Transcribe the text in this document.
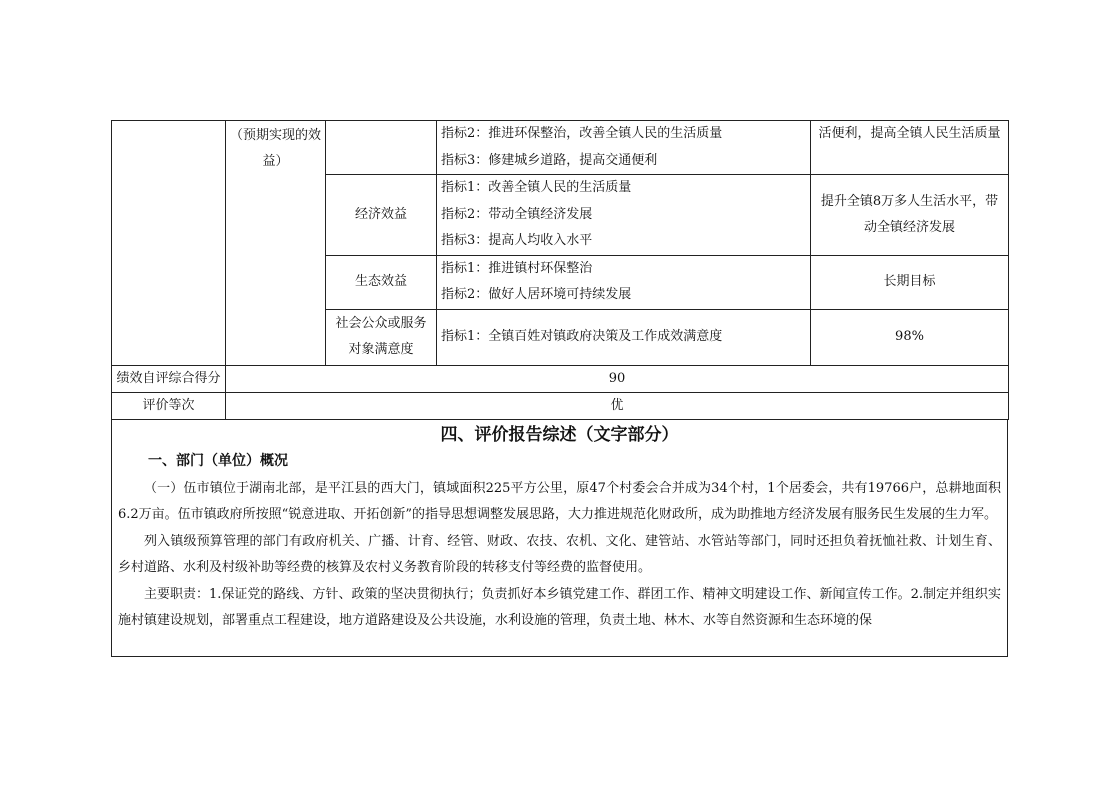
	（预期实现的效益）		指标2：推进环保整治，改善全镇人民的生活质量
指标3：修建城乡道路，提高交通便利	活便利，提高全镇人民生活质量
		经济效益	指标1：改善全镇人民的生活质量
指标2：带动全镇经济发展
指标3：提高人均收入水平	提升全镇8万多人生活水平，带动全镇经济发展
		生态效益	指标1：推进镇村环保整治
指标2：做好人居环境可持续发展	长期目标
		社会公众或服务对象满意度	指标1：全镇百姓对镇政府决策及工作成效满意度	98%
绩效自评综合得分	90			
评价等次	优			
四、评价报告综述（文字部分）
一、部门（单位）概况

（一）伍市镇位于湖南北部，是平江县的西大门，镇域面积225平方公里，原47个村委会合并成为34个村，1个居委会，共有19766户，总耕地面积6.2万亩。伍市镇政府所按照“锐意进取、开拓创新”的指导思想调整发展思路，大力推进规范化财政所，成为助推地方经济发展有服务民生发展的生力军。

列入镇级预算管理的部门有政府机关、广播、计育、经管、财政、农技、农机、文化、建管站、水管站等部门，同时还担负着抚恤社救、计划生育、乡村道路、水利及村级补助等经费的核算及农村义务教育阶段的转移支付等经费的监督使用。

主要职责：1.保证党的路线、方针、政策的坚决贯彻执行；负责抓好本乡镇党建工作、群团工作、精神文明建设工作、新闻宣传工作。2.制定并组织实施村镇建设规划，部署重点工程建设，地方道路建设及公共设施，水利设施的管理，负责土地、林木、水等自然资源和生态环境的保
